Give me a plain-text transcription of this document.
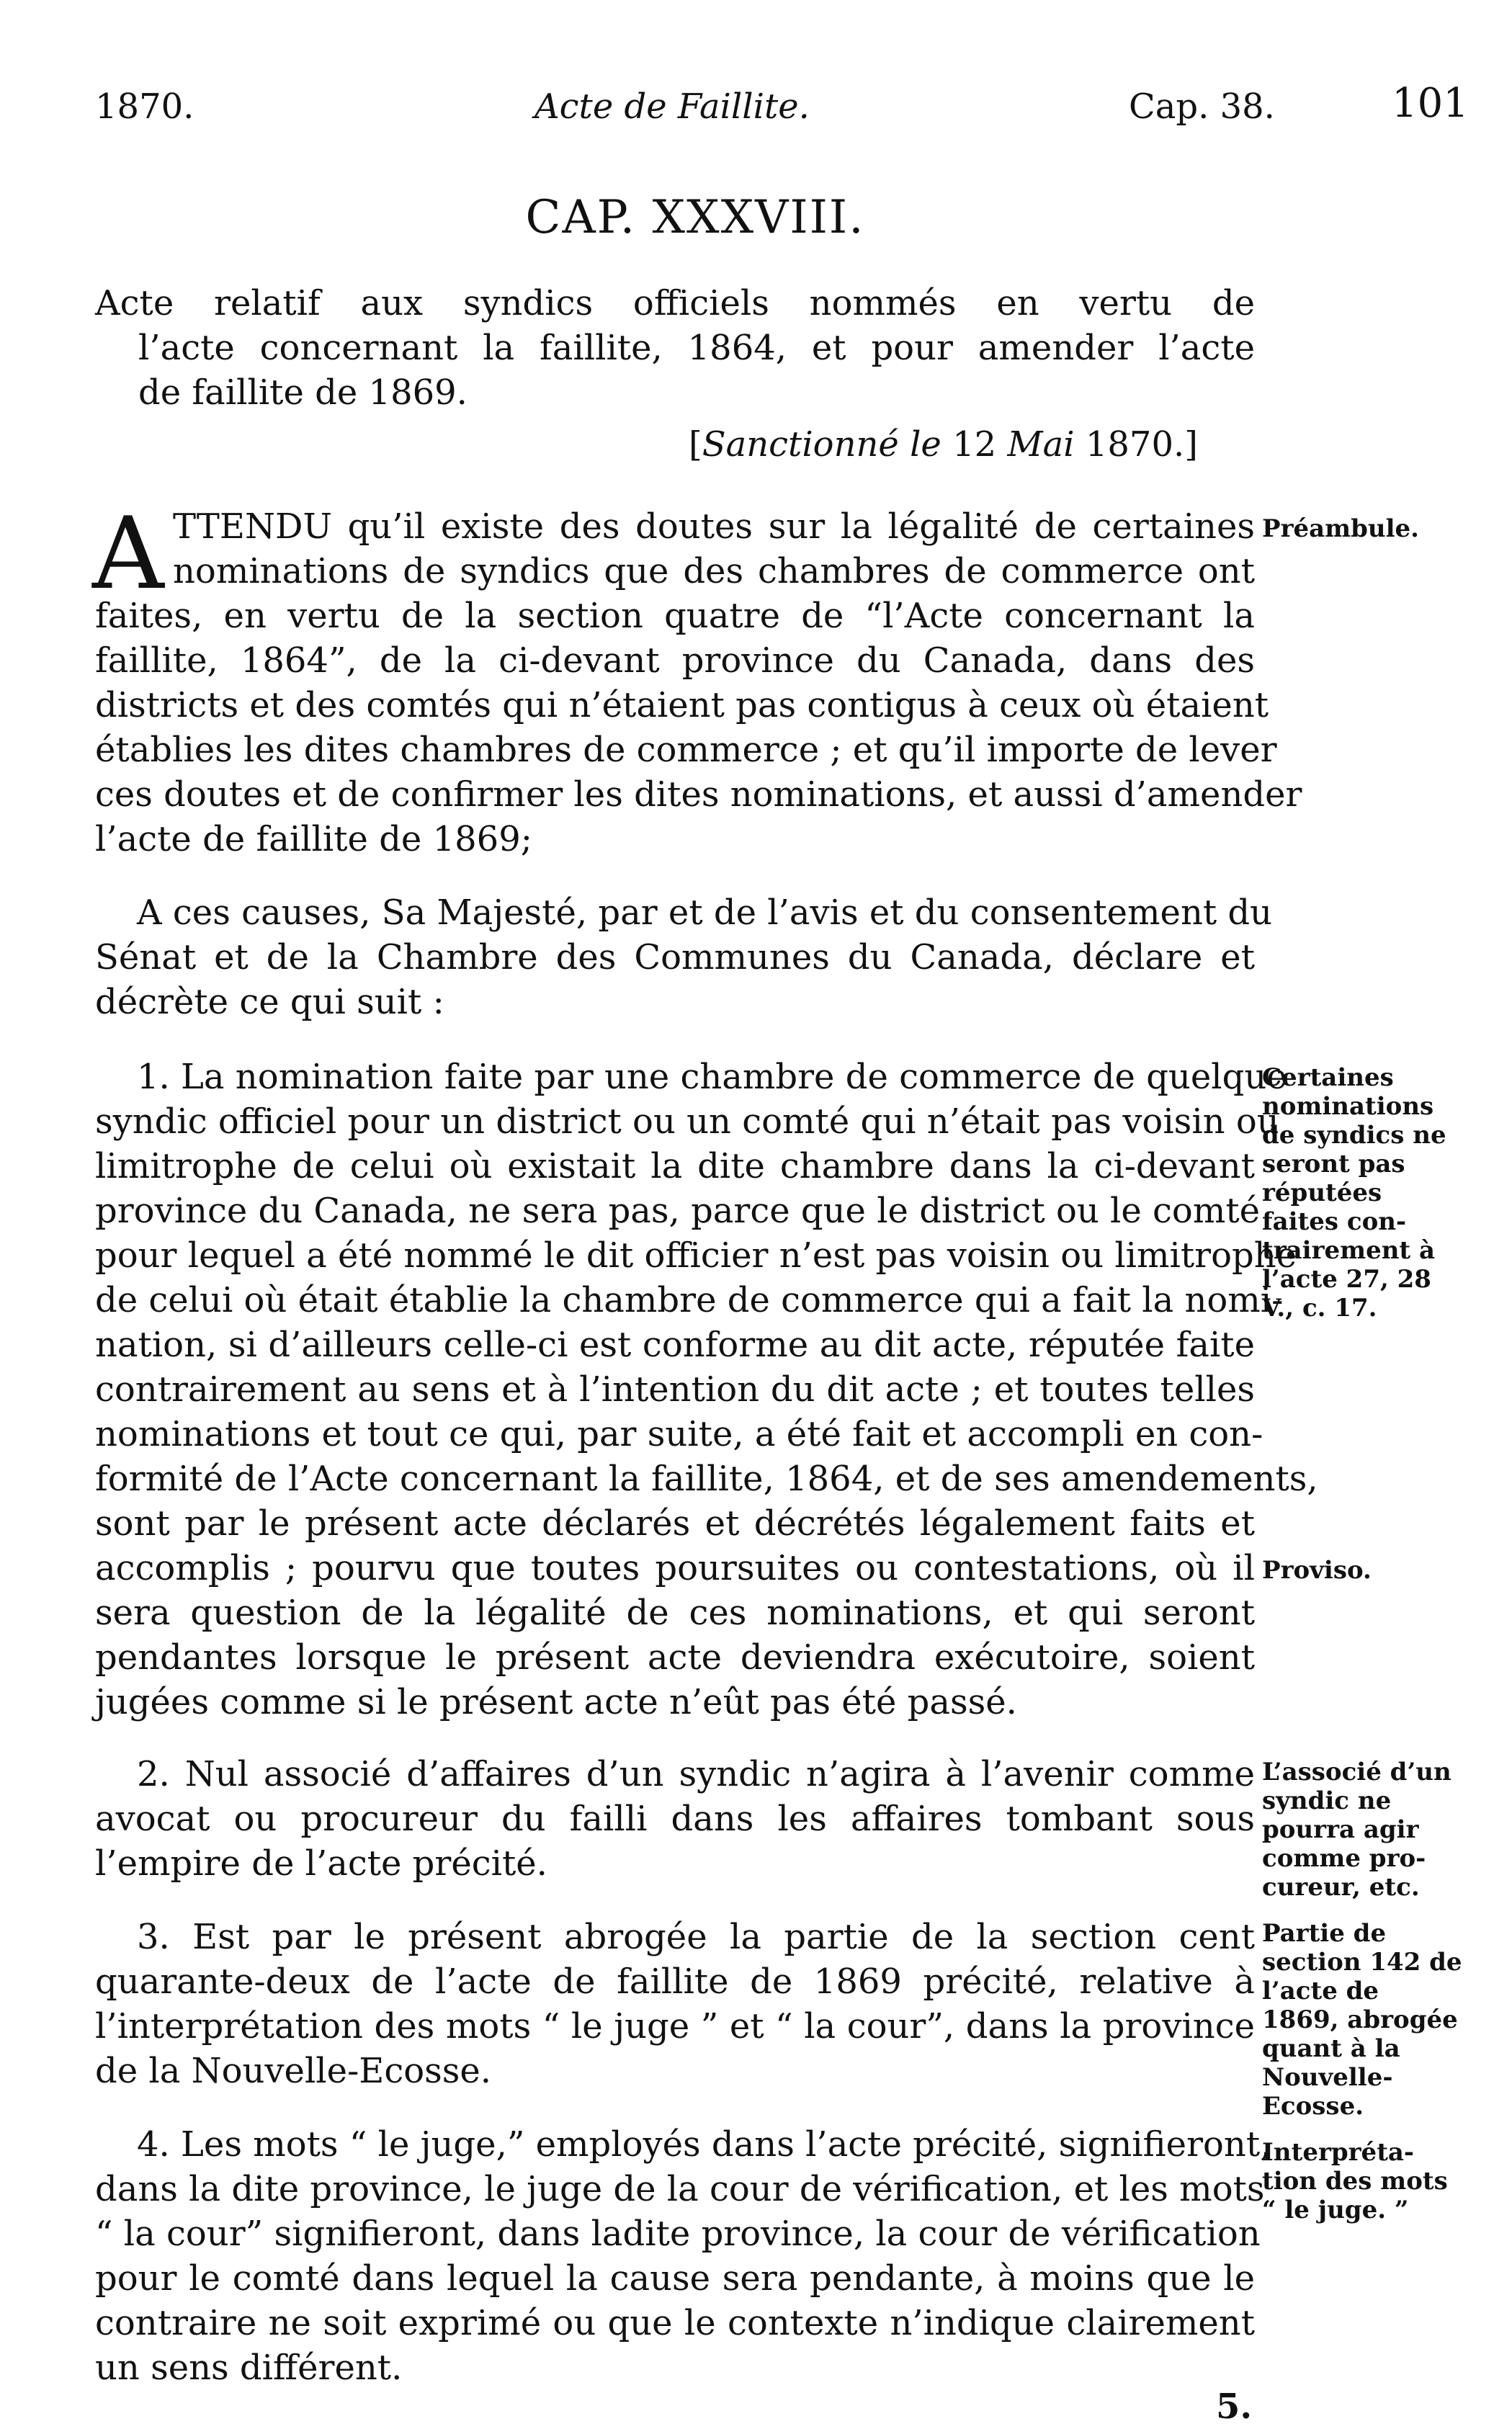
1870.	Acte de Faillite.	Cap. 38.	101
CAP. XXXVIII.
Acte relatif aux syndics officiels nommés en vertu de
l’acte concernant la faillite, 1864, et pour amender l’acte
de faillite de 1869.
[Sanctionné le 12 Mai 1870.]
A TTENDU qu’il existe des doutes sur la légalité de certaines
nominations de syndics que des chambres de commerce ont
faites, en vertu de la section quatre de “l’Acte concernant la
faillite, 1864”, de la ci-devant province du Canada, dans des
districts et des comtés qui n’étaient pas contigus à ceux où étaient
établies les dites chambres de commerce ; et qu’il importe de lever
ces doutes et de confirmer les dites nominations, et aussi d’amender
l’acte de faillite de 1869;
A ces causes, Sa Majesté, par et de l’avis et du consentement du
Sénat et de la Chambre des Communes du Canada, déclare et
décrète ce qui suit :
1. La nomination faite par une chambre de commerce de quelque
syndic officiel pour un district ou un comté qui n’était pas voisin ou
limitrophe de celui où existait la dite chambre dans la ci-devant
province du Canada, ne sera pas, parce que le district ou le comté
pour lequel a été nommé le dit officier n’est pas voisin ou limitrophe
de celui où était établie la chambre de commerce qui a fait la nomi-
nation, si d’ailleurs celle-ci est conforme au dit acte, réputée faite
contrairement au sens et à l’intention du dit acte ; et toutes telles
nominations et tout ce qui, par suite, a été fait et accompli en con-
formité de l’Acte concernant la faillite, 1864, et de ses amendements,
sont par le présent acte déclarés et décrétés légalement faits et
accomplis ; pourvu que toutes poursuites ou contestations, où il
sera question de la légalité de ces nominations, et qui seront
pendantes lorsque le présent acte deviendra exécutoire, soient
jugées comme si le présent acte n’eût pas été passé.
2. Nul associé d’affaires d’un syndic n’agira à l’avenir comme
avocat ou procureur du failli dans les affaires tombant sous
l’empire de l’acte précité.
3. Est par le présent abrogée la partie de la section cent
quarante-deux de l’acte de faillite de 1869 précité, relative à
l’interprétation des mots “ le juge ” et “ la cour”, dans la province
de la Nouvelle-Ecosse.
4. Les mots “ le juge,” employés dans l’acte précité, signifieront,
dans la dite province, le juge de la cour de vérification, et les mots
“ la cour” signifieront, dans ladite province, la cour de vérification
pour le comté dans lequel la cause sera pendante, à moins que le
contraire ne soit exprimé ou que le contexte n’indique clairement
un sens différent.
5.
Préambule.
Certaines
nominations
de syndics ne
seront pas
réputées
faites con-
trairement à
l’acte 27, 28
V., c. 17.
Proviso.
L’associé d’un
syndic ne
pourra agir
comme pro-
cureur, etc.
Partie de
section 142 de
l’acte de
1869, abrogée
quant à la
Nouvelle-
Ecosse.
Interpréta-
tion des mots
“ le juge. ”
